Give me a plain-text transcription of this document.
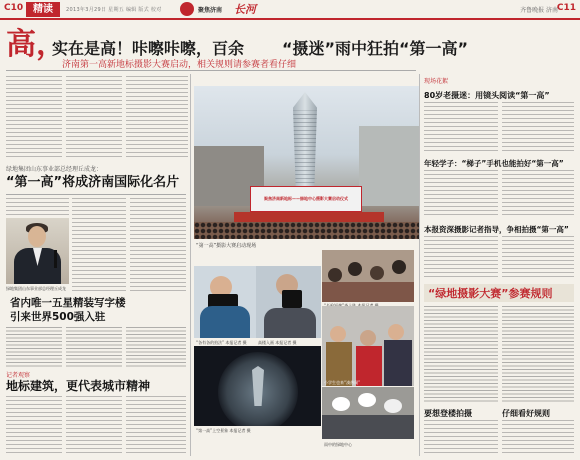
C10 精读	2013年3月29日 星期五 编辑 版式 校对	聚焦济南 长河	齐鲁晚报 济南
C11
高，
实在是高！咔嚓咔嚓，百余 “摄迷”雨中狂拍“第一高”
济南第一高新地标摄影大赛启动，相关规则请参赛者看仔细
绿地集团山东事业部总经理丘成龙：
“第一高”将成济南国际化名片
绿地集团山东事业部总经理丘成龙
省内唯一五星精装写字楼
引来世界500强入驻
记者观察
地标建筑，更代表城市精神
聚焦济南新地标——绿地中心摄影大赛启动仪式
“第一高”摄影大赛启动现场
“各有各的拍法” 本报记者 摄	高楼入画 本报记者 摄
“第一高”上空景象 本报记者 摄
小学生也来“凑热闹”
雨中的绿地中心
现场花絮
80岁老摄迷：用镜头阅读“第一高”
年轻学子：“梯子”手机也能拍好“第一高”
本报资深摄影记者指导，争相拍摄“第一高”
“绿地摄影大赛”参赛规则
要想登楼拍摄	仔细看好规则
